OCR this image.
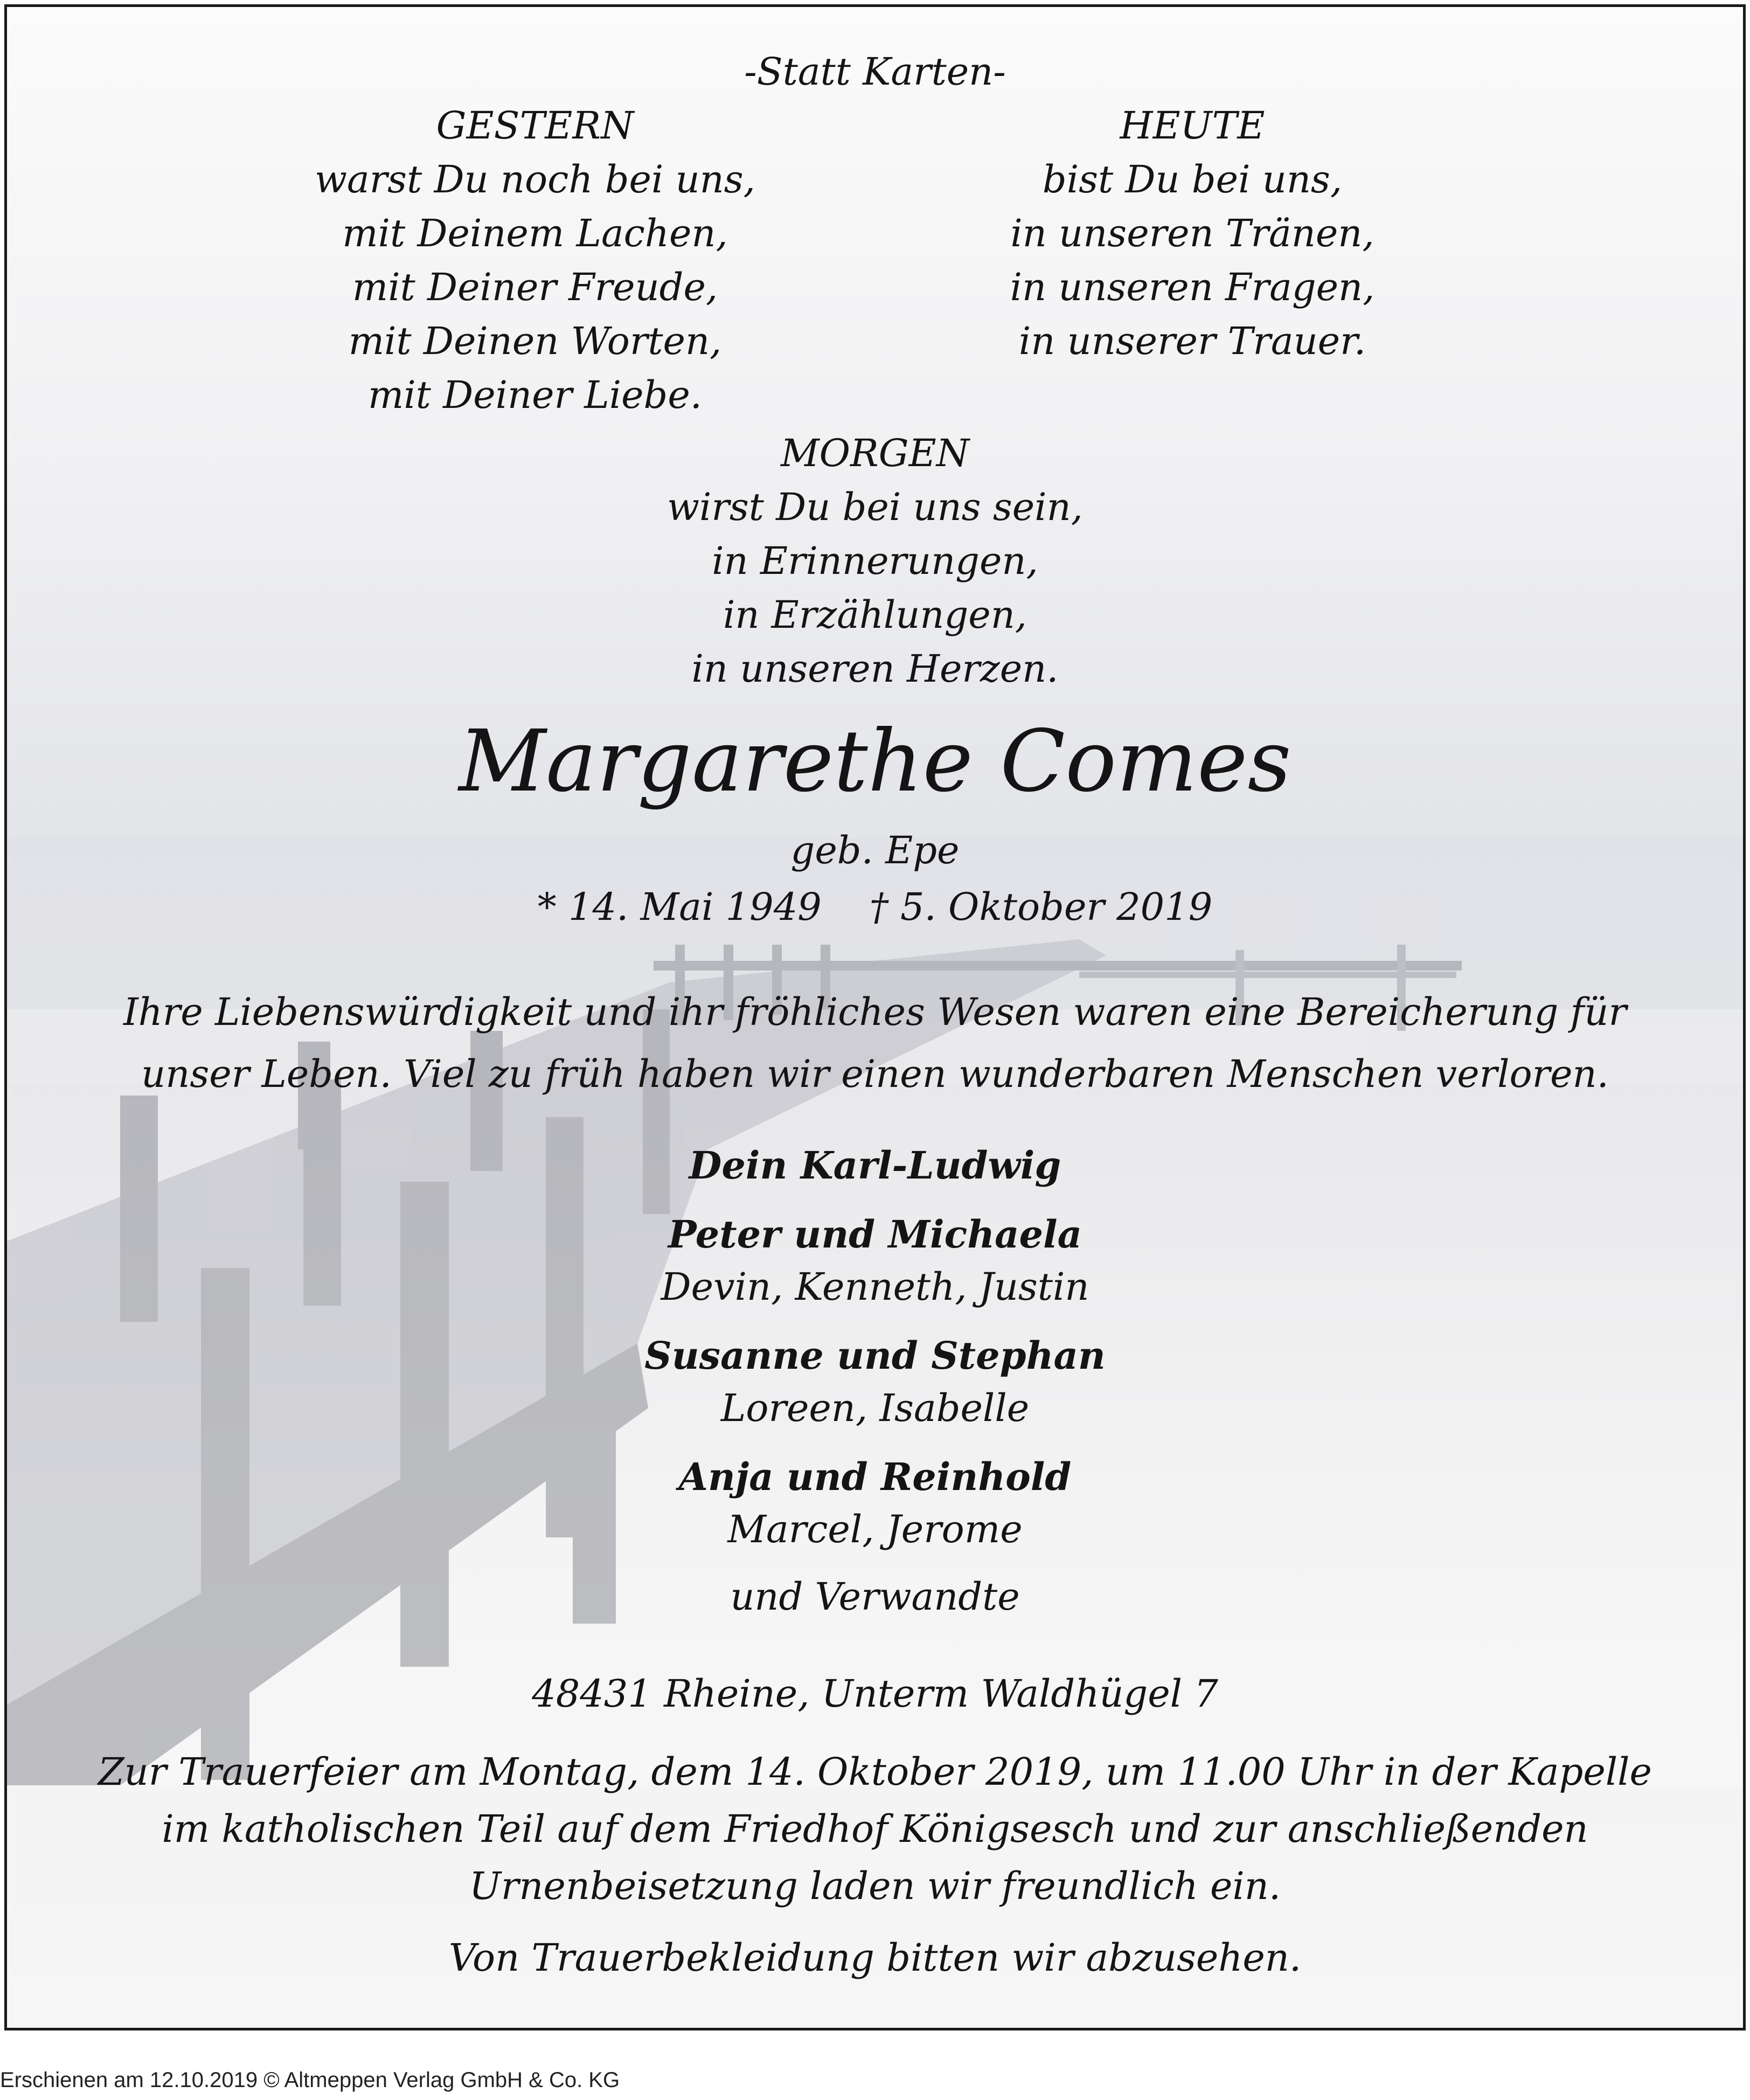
-Statt Karten-
GESTERN
warst Du noch bei uns,
mit Deinem Lachen,
mit Deiner Freude,
mit Deinen Worten,
mit Deiner Liebe.
HEUTE
bist Du bei uns,
in unseren Tränen,
in unseren Fragen,
in unserer Trauer.
MORGEN
wirst Du bei uns sein,
in Erinnerungen,
in Erzählungen,
in unseren Herzen.
Margarethe Comes
geb. Epe
* 14. Mai 1949    † 5. Oktober 2019
Ihre Liebenswürdigkeit und ihr fröhliches Wesen waren eine Bereicherung für
unser Leben. Viel zu früh haben wir einen wunderbaren Menschen verloren.
Dein Karl-Ludwig
Peter und Michaela
Devin, Kenneth, Justin
Susanne und Stephan
Loreen, Isabelle
Anja und Reinhold
Marcel, Jerome
und Verwandte
48431 Rheine, Unterm Waldhügel 7
Zur Trauerfeier am Montag, dem 14. Oktober 2019, um 11.00 Uhr in der Kapelle
im katholischen Teil auf dem Friedhof Königsesch und zur anschließenden
Urnenbeisetzung laden wir freundlich ein.
Von Trauerbekleidung bitten wir abzusehen.
Erschienen am 12.10.2019 © Altmeppen Verlag GmbH & Co. KG
